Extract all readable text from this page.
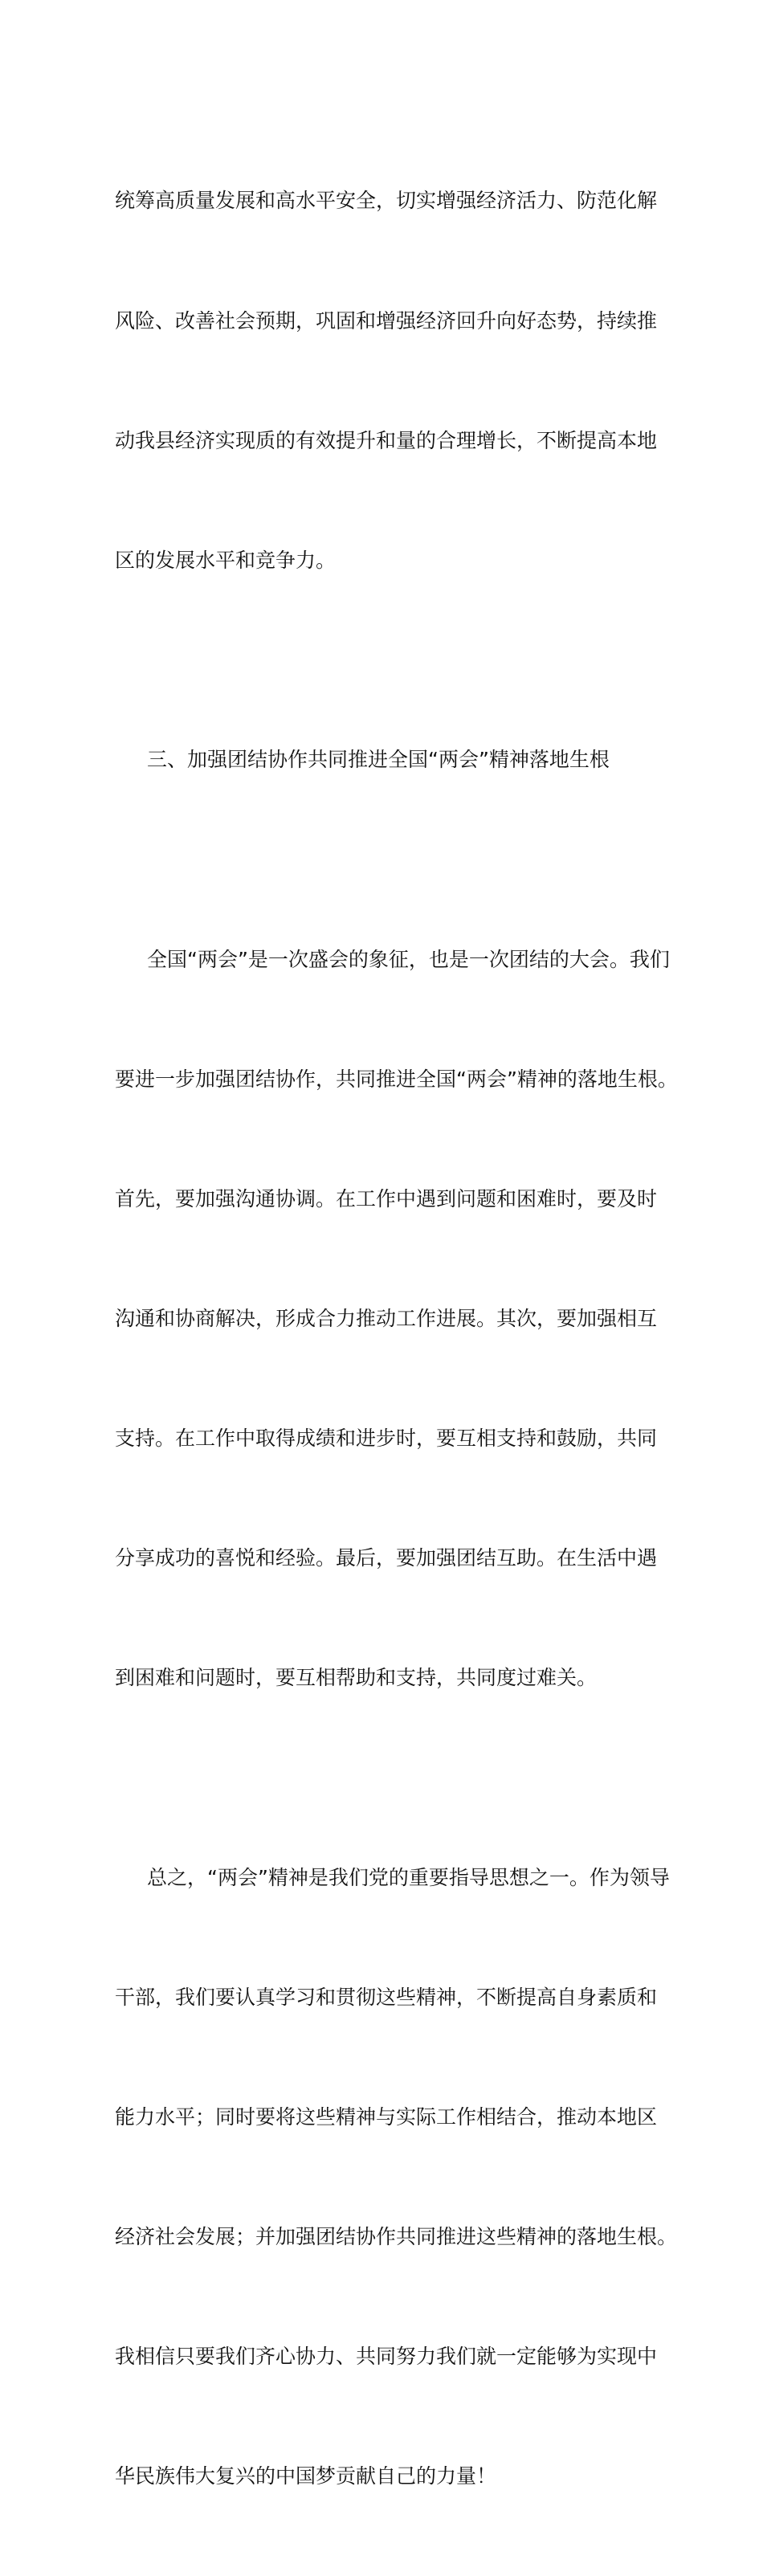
统筹高质量发展和高水平安全，切实增强经济活力、防范化解

风险、改善社会预期，巩固和增强经济回升向好态势，持续推

动我县经济实现质的有效提升和量的合理增长，不断提高本地

区的发展水平和竞争力。

三、加强团结协作共同推进全国“两会”精神落地生根

全国“两会”是一次盛会的象征，也是一次团结的大会。我们

要进一步加强团结协作，共同推进全国“两会”精神的落地生根。

首先，要加强沟通协调。在工作中遇到问题和困难时，要及时

沟通和协商解决，形成合力推动工作进展。其次，要加强相互

支持。在工作中取得成绩和进步时，要互相支持和鼓励，共同

分享成功的喜悦和经验。最后，要加强团结互助。在生活中遇

到困难和问题时，要互相帮助和支持，共同度过难关。

总之，“两会”精神是我们党的重要指导思想之一。作为领导

干部，我们要认真学习和贯彻这些精神，不断提高自身素质和

能力水平；同时要将这些精神与实际工作相结合，推动本地区

经济社会发展；并加强团结协作共同推进这些精神的落地生根。

我相信只要我们齐心协力、共同努力我们就一定能够为实现中

华民族伟大复兴的中国梦贡献自己的力量！
